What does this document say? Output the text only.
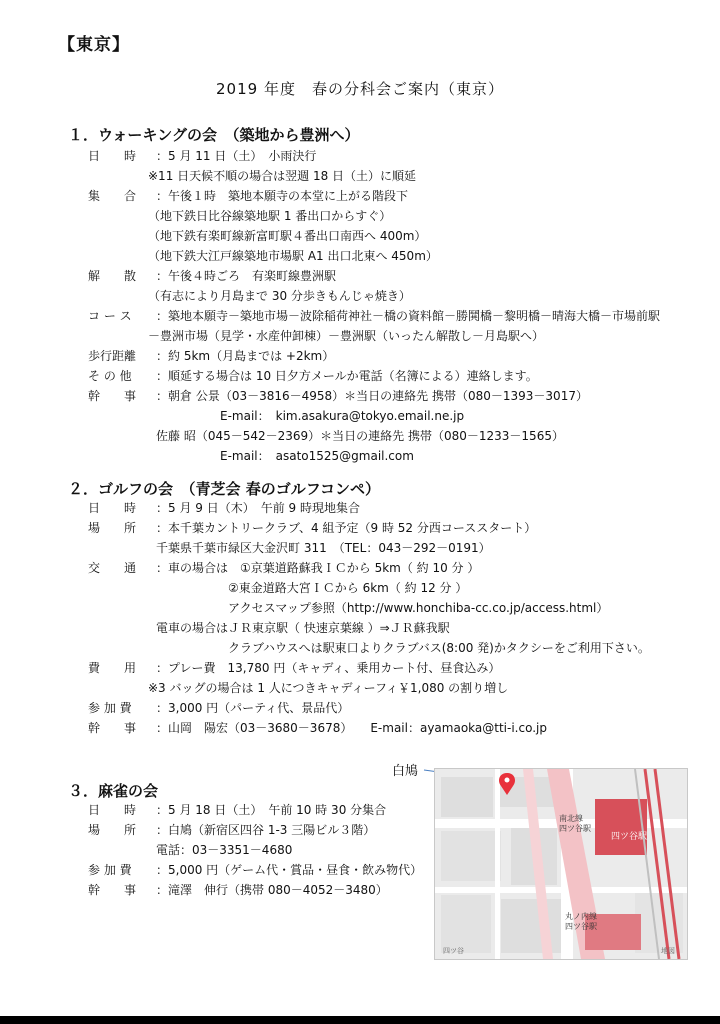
【東京】
2019 年度　春の分科会ご案内（東京）
１．ウォーキングの会　（築地から豊洲へ）
日　　時 ：5 月 11 日（土）　小雨決行
※11 日天候不順の場合は翌週 18 日（土）に順延
集　　合 ：午後１時　築地本願寺の本堂に上がる階段下
（地下鉄日比谷線築地駅 1 番出口からすぐ）
（地下鉄有楽町線新富町駅４番出口南西へ 400m）
（地下鉄大江戸線築地市場駅 A1 出口北東へ 450m）
解　　散 ：午後４時ごろ　有楽町線豊洲駅
（有志により月島まで 30 分歩きもんじゃ焼き）
コ ー ス ：築地本願寺－築地市場－波除稲荷神社－橋の資料館－勝鬨橋－黎明橋－晴海大橋－市場前駅
－豊洲市場（見学・水産仲卸棟）－豊洲駅（いったん解散し－月島駅へ）
歩行距離 ：約 5km（月島までは +2km）
そ の 他 ：順延する場合は 10 日夕方メールか電話（名簿による）連絡します。
幹　　事 ：朝倉 公景（03－3816－4958）＊当日の連絡先 携帯（080－1393－3017）
E-mail：　kim.asakura@tokyo.email.ne.jp
佐藤 昭（045－542－2369）＊当日の連絡先 携帯（080－1233－1565）
E-mail：　asato1525@gmail.com
２．ゴルフの会　（青芝会 春のゴルフコンペ）
日　　時 ：5 月 9 日（木）　午前 9 時現地集合
場　　所 ：本千葉カントリークラブ、4 組予定（9 時 52 分西コーススタート）
千葉県千葉市緑区大金沢町 311　（TEL：043－292－0191）
交　　通 ：車の場合は　①京葉道路蘇我ＩＣから 5km（ 約 10 分 ）
②東金道路大宮ＩＣから 6km（ 約 12 分 ）
アクセスマップ参照（http://www.honchiba-cc.co.jp/access.html）
電車の場合はＪＲ東京駅（ 快速京葉線 ）⇒ＪＲ蘇我駅
クラブハウスへは駅東口よりクラブバス(8:00 発)かタクシーをご利用下さい。
費　　用 ：プレー費　13,780 円（キャディ、乗用カート付、昼食込み）
※3 バッグの場合は 1 人につきキャディーフィ￥1,080 の割り増し
参 加 費 ：3,000 円（パーティ代、景品代）
幹　　事 ：山岡　陽宏（03－3680－3678）　　E-mail：ayamaoka@tti-i.co.jp
３．麻雀の会
日　　時 ：5 月 18 日（土）　午前 10 時 30 分集合
場　　所 ：白鳩（新宿区四谷 1-3 三陽ビル３階）
電話：03－3351－4680
参 加 費 ：5,000 円（ゲーム代・賞品・昼食・飲み物代）
幹　　事 ：滝澤　伸行（携帯 080－4052－3480）
白鳩
南北線
四ツ谷駅
四ツ谷駅
丸ノ内線
四ツ谷駅
地図
四ツ谷
